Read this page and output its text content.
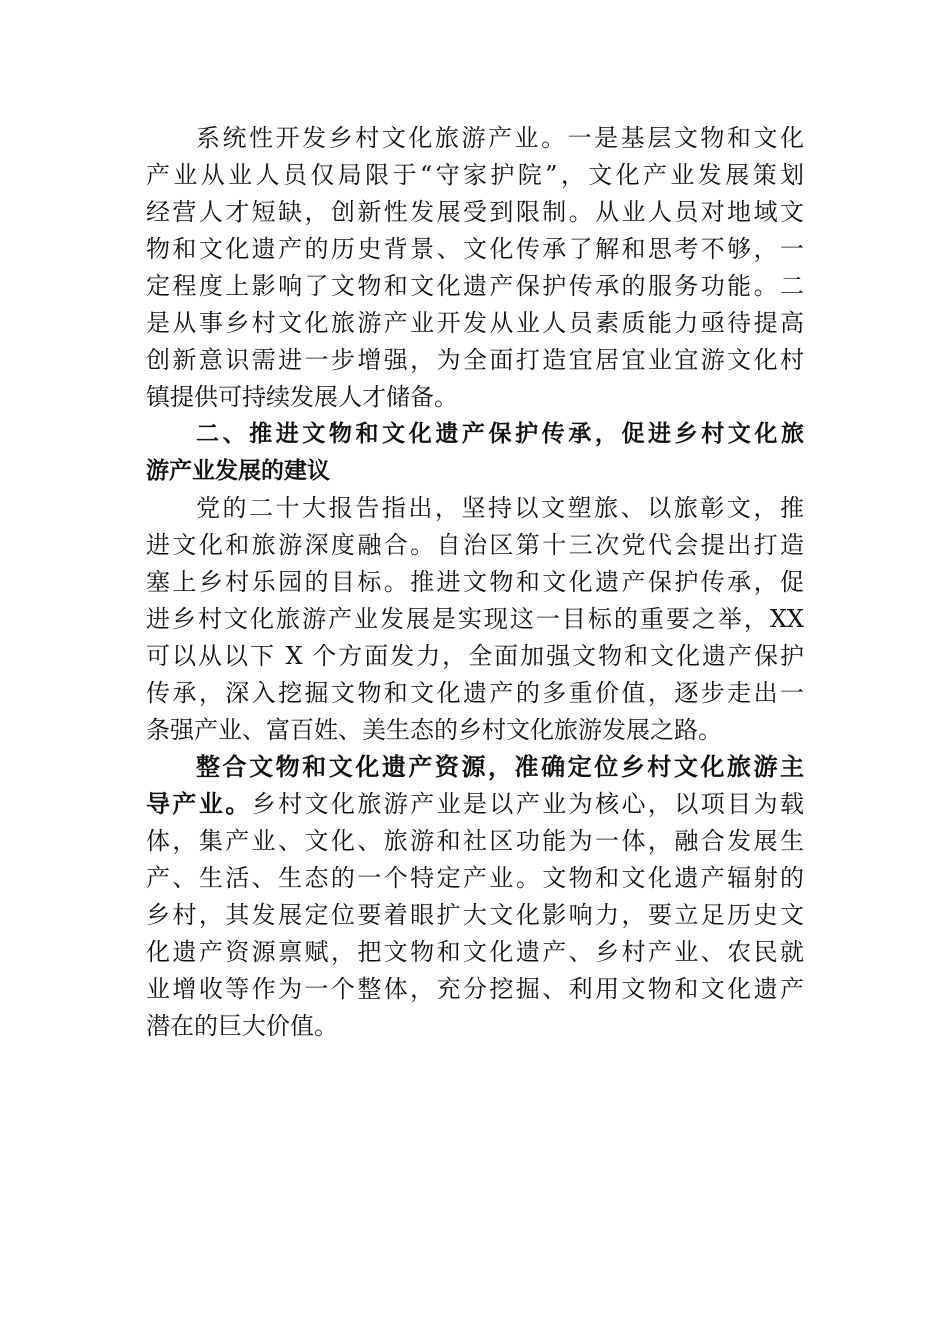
系统性开发乡村文化旅游产业。一是基层文物和文化
产业从业人员仅局限于“守家护院”，文化产业发展策划
经营人才短缺，创新性发展受到限制。从业人员对地域文
物和文化遗产的历史背景、文化传承了解和思考不够，一
定程度上影响了文物和文化遗产保护传承的服务功能。二
是从事乡村文化旅游产业开发从业人员素质能力亟待提高
创新意识需进一步增强，为全面打造宜居宜业宜游文化村
镇提供可持续发展人才储备。
二、推进文物和文化遗产保护传承，促进乡村文化旅
游产业发展的建议
党的二十大报告指出，坚持以文塑旅、以旅彰文，推
进文化和旅游深度融合。自治区第十三次党代会提出打造
塞上乡村乐园的目标。推进文物和文化遗产保护传承，促
进乡村文化旅游产业发展是实现这一目标的重要之举，XX
可以从以下 X 个方面发力，全面加强文物和文化遗产保护
传承，深入挖掘文物和文化遗产的多重价值，逐步走出一
条强产业、富百姓、美生态的乡村文化旅游发展之路。
整合文物和文化遗产资源，准确定位乡村文化旅游主
导产业。乡村文化旅游产业是以产业为核心，以项目为载
体，集产业、文化、旅游和社区功能为一体，融合发展生
产、生活、生态的一个特定产业。文物和文化遗产辐射的
乡村，其发展定位要着眼扩大文化影响力，要立足历史文
化遗产资源禀赋，把文物和文化遗产、乡村产业、农民就
业增收等作为一个整体，充分挖掘、利用文物和文化遗产
潜在的巨大价值。
